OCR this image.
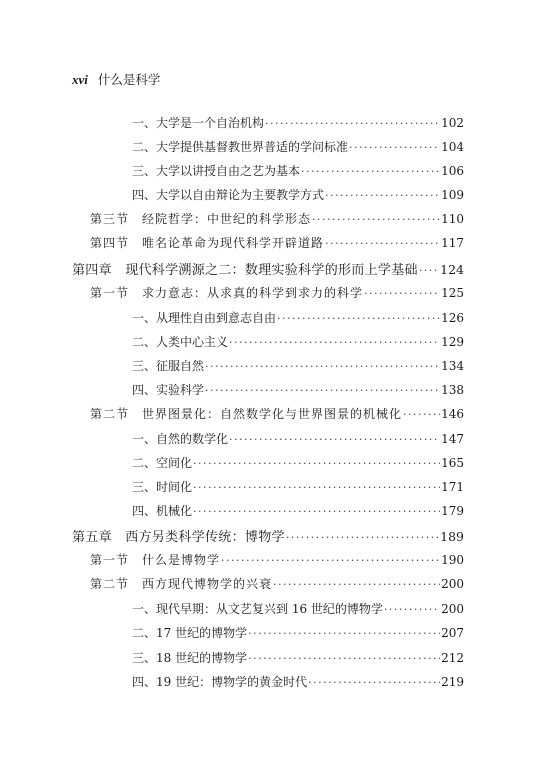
xvi 什么是科学
一、大学是一个自治机构 ·····	102
二、大学提供基督教世界普适的学问标准 ·····	104
三、大学以讲授自由之艺为基本 ·····	106
四、大学以自由辩论为主要教学方式 ·····	109
第三节　经院哲学：中世纪的科学形态 ·····	110
第四节　唯名论革命为现代科学开辟道路 ·····	117
第四章　现代科学溯源之二：数理实验科学的形而上学基础 ····· 124
第一节　求力意志：从求真的科学到求力的科学 ·····	125
一、从理性自由到意志自由 ·····	126
二、人类中心主义 ·····	129
三、征服自然 ·····	134
四、实验科学 ·····	138
第二节　世界图景化：自然数学化与世界图景的机械化 ·····	146
一、自然的数学化 ·····	147
二、空间化 ·····	165
三、时间化 ·····	171
四、机械化 ·····	179
第五章　西方另类科学传统：博物学 ·····	189
第一节　什么是博物学 ·····	190
第二节　西方现代博物学的兴衰 ·····	200
一、现代早期：从文艺复兴到 16 世纪的博物学 ·····	200
二、17 世纪的博物学 ·····	207
三、18 世纪的博物学 ·····	212
四、19 世纪：博物学的黄金时代 ·····	219
